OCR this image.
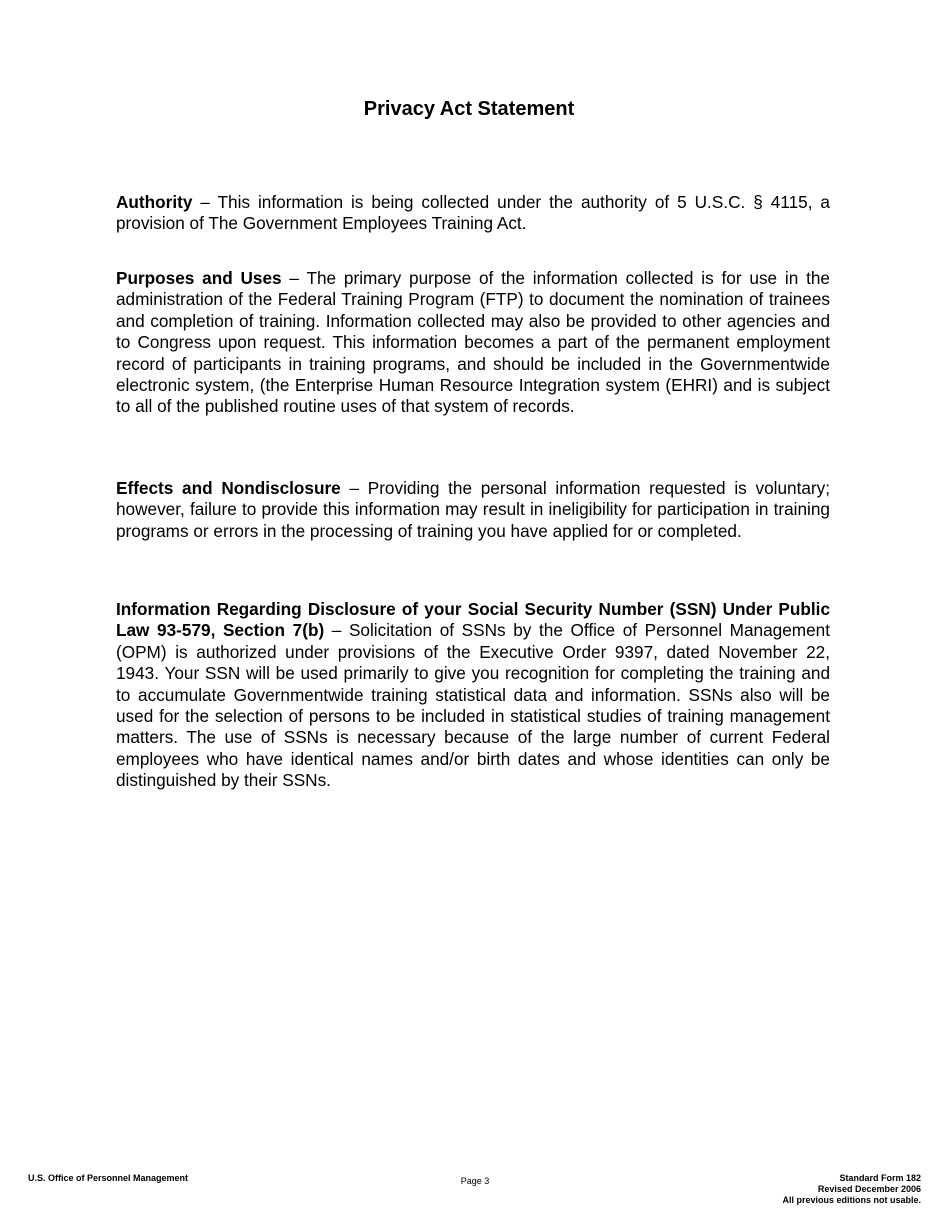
Privacy Act Statement

Authority – This information is being collected under the authority of 5 U.S.C. § 4115, a provision of The Government Employees Training Act.

Purposes and Uses – The primary purpose of the information collected is for use in the administration of the Federal Training Program (FTP) to document the nomination of trainees and completion of training. Information collected may also be provided to other agencies and to Congress upon request. This information becomes a part of the permanent employment record of participants in training programs, and should be included in the Governmentwide electronic system, (the Enterprise Human Resource Integration system (EHRI) and is subject to all of the published routine uses of that system of records.

Effects and Nondisclosure – Providing the personal information requested is voluntary; however, failure to provide this information may result in ineligibility for participation in training programs or errors in the processing of training you have applied for or completed.

Information Regarding Disclosure of your Social Security Number (SSN) Under Public Law 93-579, Section 7(b) – Solicitation of SSNs by the Office of Personnel Management (OPM) is authorized under provisions of the Executive Order 9397, dated November 22, 1943. Your SSN will be used primarily to give you recognition for completing the training and to accumulate Governmentwide training statistical data and information. SSNs also will be used for the selection of persons to be included in statistical studies of training management matters. The use of SSNs is necessary because of the large number of current Federal employees who have identical names and/or birth dates and whose identities can only be distinguished by their SSNs.

U.S. Office of Personnel Management	Page 3	Standard Form 182
Revised December 2006
All previous editions not usable.
